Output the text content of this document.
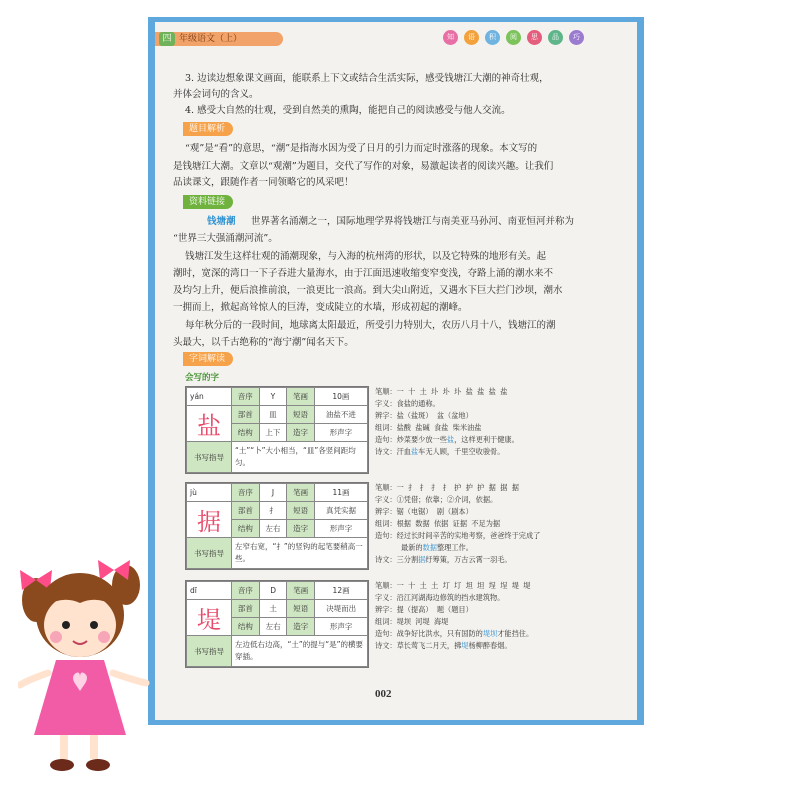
四 年级语文（上）	知	语	积	阅	思	品	巧
3. 边读边想象课文画面，能联系上下文或结合生活实际，感受钱塘江大潮的神奇壮观，
并体会词句的含义。
4. 感受大自然的壮观，受到自然美的熏陶，能把自己的阅读感受与他人交流。
题目解析
“观”是“看”的意思，“潮”是指海水因为受了日月的引力而定时涨落的现象。本文写的
是钱塘江大潮。文章以“观潮”为题目，交代了写作的对象，易激起读者的阅读兴趣。让我们
品读课文，跟随作者一同领略它的风采吧！
资料链接
钱塘潮 世界著名涌潮之一，国际地理学界将钱塘江与南美亚马孙河、南亚恒河并称为
“世界三大强涌潮河流”。
钱塘江发生这样壮观的涌潮现象，与入海的杭州湾的形状，以及它特殊的地形有关。起
潮时，宽深的湾口一下子吞进大量海水，由于江面迅速收缩变窄变浅，夺路上涌的潮水来不
及均匀上升，便后浪推前浪，一浪更比一浪高。到大尖山附近，又遇水下巨大拦门沙坝，潮水
一拥而上，掀起高耸惊人的巨涛，变成陡立的水墙，形成初起的潮峰。
每年秋分后的一段时间，地球离太阳最近，所受引力特别大，农历八月十八，钱塘江的潮
头最大，以千古绝称的“海宁潮”闻名天下。
字词解读
会写的字
yán	音序	Y	笔画	10画
盐	部首	皿	短语	油盐不进
	结构	上下	造字	形声字
书写指导	“土”“卜”大小相当，“皿”各竖间距均匀。			
笔顺：一 十 土 圤 圤 圤 盐 盐 盐 盐
字义：食盐的通称。
辨字：盐（盐斑） 盆（盆地）
组词：盐酸 盐碱 食盐 柴米油盐
造句：炒菜要少放一些盐，这样更利于健康。
诗文：汗血盐车无人顾，千里空收骏骨。
jù	音序	J	笔画	11画
据	部首	扌	短语	真凭实据
	结构	左右	造字	形声字
书写指导	左窄右宽，“扌”的竖钩的起笔要稍高一些。			
笔顺：一 扌 扌 扌 扌 护 护 护 据 据 据
字义：①凭借；依靠；②介词，依据。
辨字：锯（电锯） 剧（剧本）
组词：根据 数据 依据 证据 不足为据
造句：经过长时间辛苦的实地考察，爸爸终于完成了
最新的数据整理工作。
诗文：三分割据纡筹策，万古云霄一羽毛。
dī	音序	D	笔画	12画
堤	部首	土	短语	决堤而出
	结构	左右	造字	形声字
书写指导	左边低右边高，“土”的提与“是”的横要穿插。			
笔顺：一 十 土 土 圢 圢 坦 坦 埕 埕 堤 堤
字义：沿江河湖海边修筑的挡水建筑物。
辨字：提（提高） 题（题目）
组词：堤坝 河堤 海堤
造句：战争好比洪水，只有国防的堤坝才能挡住。
诗文：草长莺飞二月天，拂堤杨柳醉春烟。
002
